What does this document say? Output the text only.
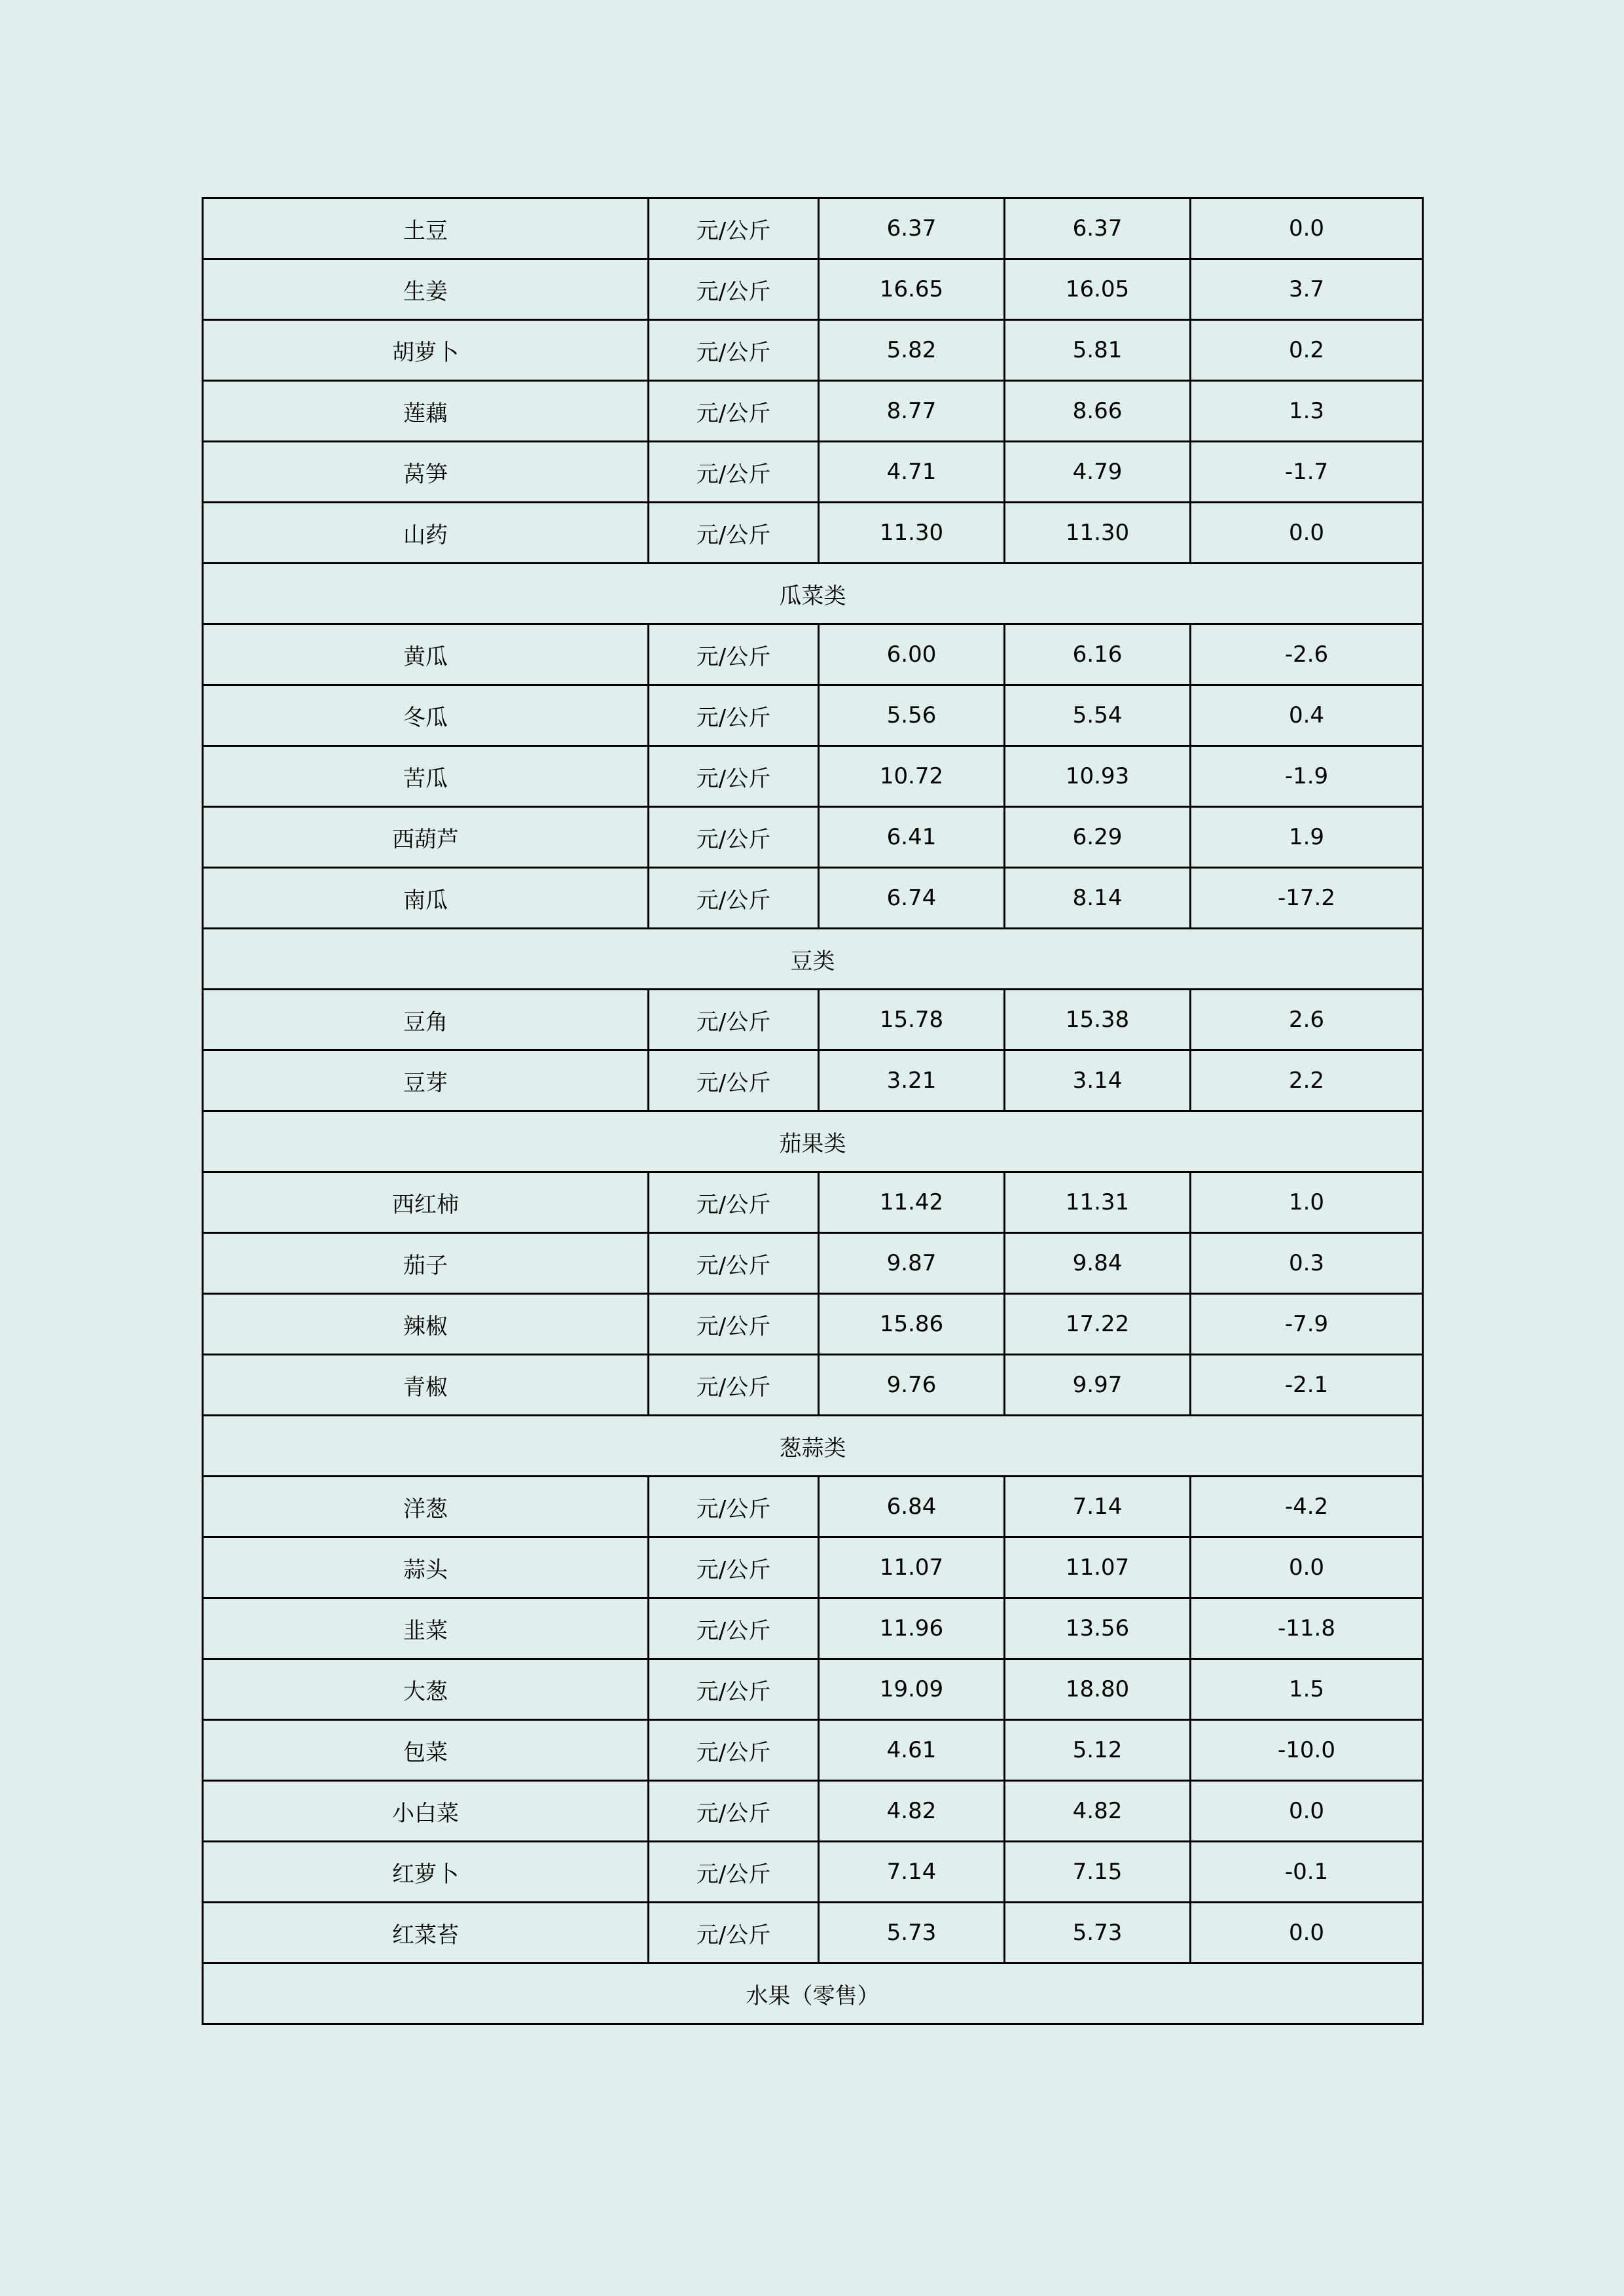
土豆	元/公斤	6.37	6.37	0.0
生姜	元/公斤	16.65	16.05	3.7
胡萝卜	元/公斤	5.82	5.81	0.2
莲藕	元/公斤	8.77	8.66	1.3
莴笋	元/公斤	4.71	4.79	-1.7
山药	元/公斤	11.30	11.30	0.0
瓜菜类				
黄瓜	元/公斤	6.00	6.16	-2.6
冬瓜	元/公斤	5.56	5.54	0.4
苦瓜	元/公斤	10.72	10.93	-1.9
西葫芦	元/公斤	6.41	6.29	1.9
南瓜	元/公斤	6.74	8.14	-17.2
豆类				
豆角	元/公斤	15.78	15.38	2.6
豆芽	元/公斤	3.21	3.14	2.2
茄果类				
西红柿	元/公斤	11.42	11.31	1.0
茄子	元/公斤	9.87	9.84	0.3
辣椒	元/公斤	15.86	17.22	-7.9
青椒	元/公斤	9.76	9.97	-2.1
葱蒜类				
洋葱	元/公斤	6.84	7.14	-4.2
蒜头	元/公斤	11.07	11.07	0.0
韭菜	元/公斤	11.96	13.56	-11.8
大葱	元/公斤	19.09	18.80	1.5
包菜	元/公斤	4.61	5.12	-10.0
小白菜	元/公斤	4.82	4.82	0.0
红萝卜	元/公斤	7.14	7.15	-0.1
红菜苔	元/公斤	5.73	5.73	0.0
水果（零售）				
